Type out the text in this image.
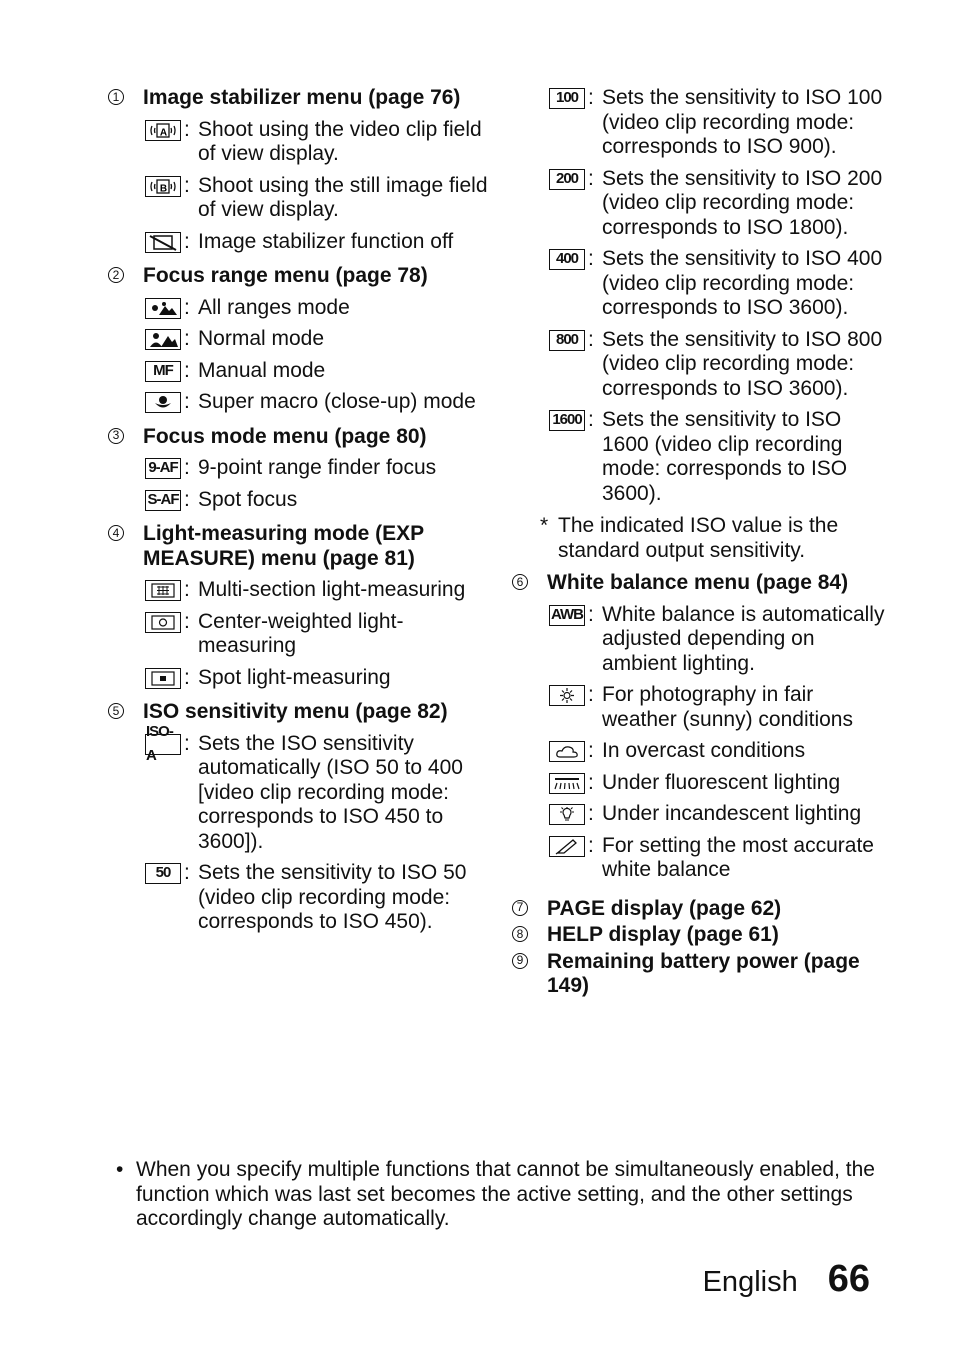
1 Image stabilizer menu (page 76)
A : Shoot using the video clip field of view display.
B : Shoot using the still image field of view display.
: Image stabilizer function off
2 Focus range menu (page 78)
: All ranges mode
: Normal mode
MF : Manual mode
: Super macro (close-up) mode
3 Focus mode menu (page 80)
9-AF : 9-point range finder focus
S-AF : Spot focus
4 Light-measuring mode (EXP MEASURE) menu (page 81)
: Multi-section light-measuring
: Center-weighted light-measuring
: Spot light-measuring
5 ISO sensitivity menu (page 82)
ISO-A
: Sets the ISO sensitivity automatically (ISO 50 to 400 [video clip recording mode: corresponds to ISO 450 to 3600]).
50 : Sets the sensitivity to ISO 50 (video clip recording mode: corresponds to ISO 450).
100 : Sets the sensitivity to ISO 100 (video clip recording mode: corresponds to ISO 900).
200 : Sets the sensitivity to ISO 200 (video clip recording mode: corresponds to ISO 1800).
400 : Sets the sensitivity to ISO 400 (video clip recording mode: corresponds to ISO 3600).
800 : Sets the sensitivity to ISO 800 (video clip recording mode: corresponds to ISO 3600).
1600 : Sets the sensitivity to ISO 1600 (video clip recording mode: corresponds to ISO 3600).
* The indicated ISO value is the standard output sensitivity.
6 White balance menu (page 84)
AWB : White balance is automatically adjusted depending on ambient lighting.
: For photography in fair weather (sunny) conditions
: In overcast conditions
: Under fluorescent lighting
: Under incandescent lighting
: For setting the most accurate white balance
7 PAGE display (page 62)
8 HELP display (page 61)
9 Remaining battery power (page 149)
• When you specify multiple functions that cannot be simultaneously enabled, the function which was last set becomes the active setting, and the other settings accordingly change automatically.
English 66
